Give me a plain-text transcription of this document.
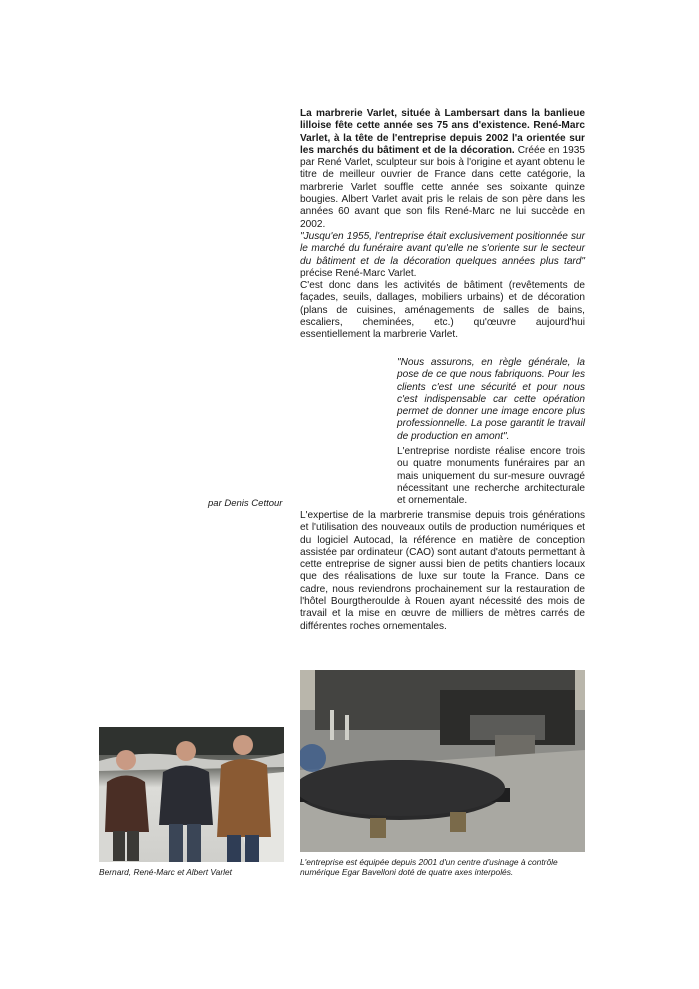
La marbrerie Varlet, située à Lambersart dans la banlieue lilloise fête cette année ses 75 ans d'existence. René-Marc Varlet, à la tête de l'entreprise depuis 2002 l'a orientée sur les marchés du bâtiment et de la décoration. Créée en 1935 par René Varlet, sculpteur sur bois à l'origine et ayant obtenu le titre de meilleur ouvrier de France dans cette catégorie, la marbrerie Varlet souffle cette année ses soixante quinze bougies. Albert Varlet avait pris le relais de son père dans les années 60 avant que son fils René-Marc ne lui succède en 2002.

"Jusqu'en 1955, l'entreprise était exclusivement positionnée sur le marché du funéraire avant qu'elle ne s'oriente sur le secteur du bâtiment et de la décoration quelques années plus tard" précise René-Marc Varlet.

C'est donc dans les activités de bâtiment (revêtements de façades, seuils, dallages, mobiliers urbains) et de décoration (plans de cuisines, aménagements de salles de bains, escaliers, cheminées, etc.) qu'œuvre aujourd'hui essentiellement la marbrerie Varlet.

"Nous assurons, en règle générale, la pose de ce que nous fabriquons. Pour les clients c'est une sécurité et pour nous c'est indispensable car cette opération permet de donner une image encore plus professionnelle. La pose garantit le travail de production en amont".

L'entreprise nordiste réalise encore trois ou quatre monuments funéraires par an mais uniquement du sur-mesure ouvragé nécessitant une recherche architecturale et ornementale.

L'expertise de la marbrerie transmise depuis trois générations et l'utilisation des nouveaux outils de production numériques et du logiciel Autocad, la référence en matière de conception assistée par ordinateur (CAO) sont autant d'atouts permettant à cette entreprise de signer aussi bien de petits chantiers locaux que des réalisations de luxe sur toute la France. Dans ce cadre, nous reviendrons prochainement sur la restauration de l'hôtel Bourgtheroulde à Rouen ayant nécessité des mois de travail et la mise en œuvre de milliers de mètres carrés de différentes roches ornementales.

par Denis Cettour
Bernard, René-Marc et Albert Varlet
L'entreprise est équipée depuis 2001 d'un centre d'usinage à contrôle numérique Egar Bavelloni doté de quatre axes interpolés.
